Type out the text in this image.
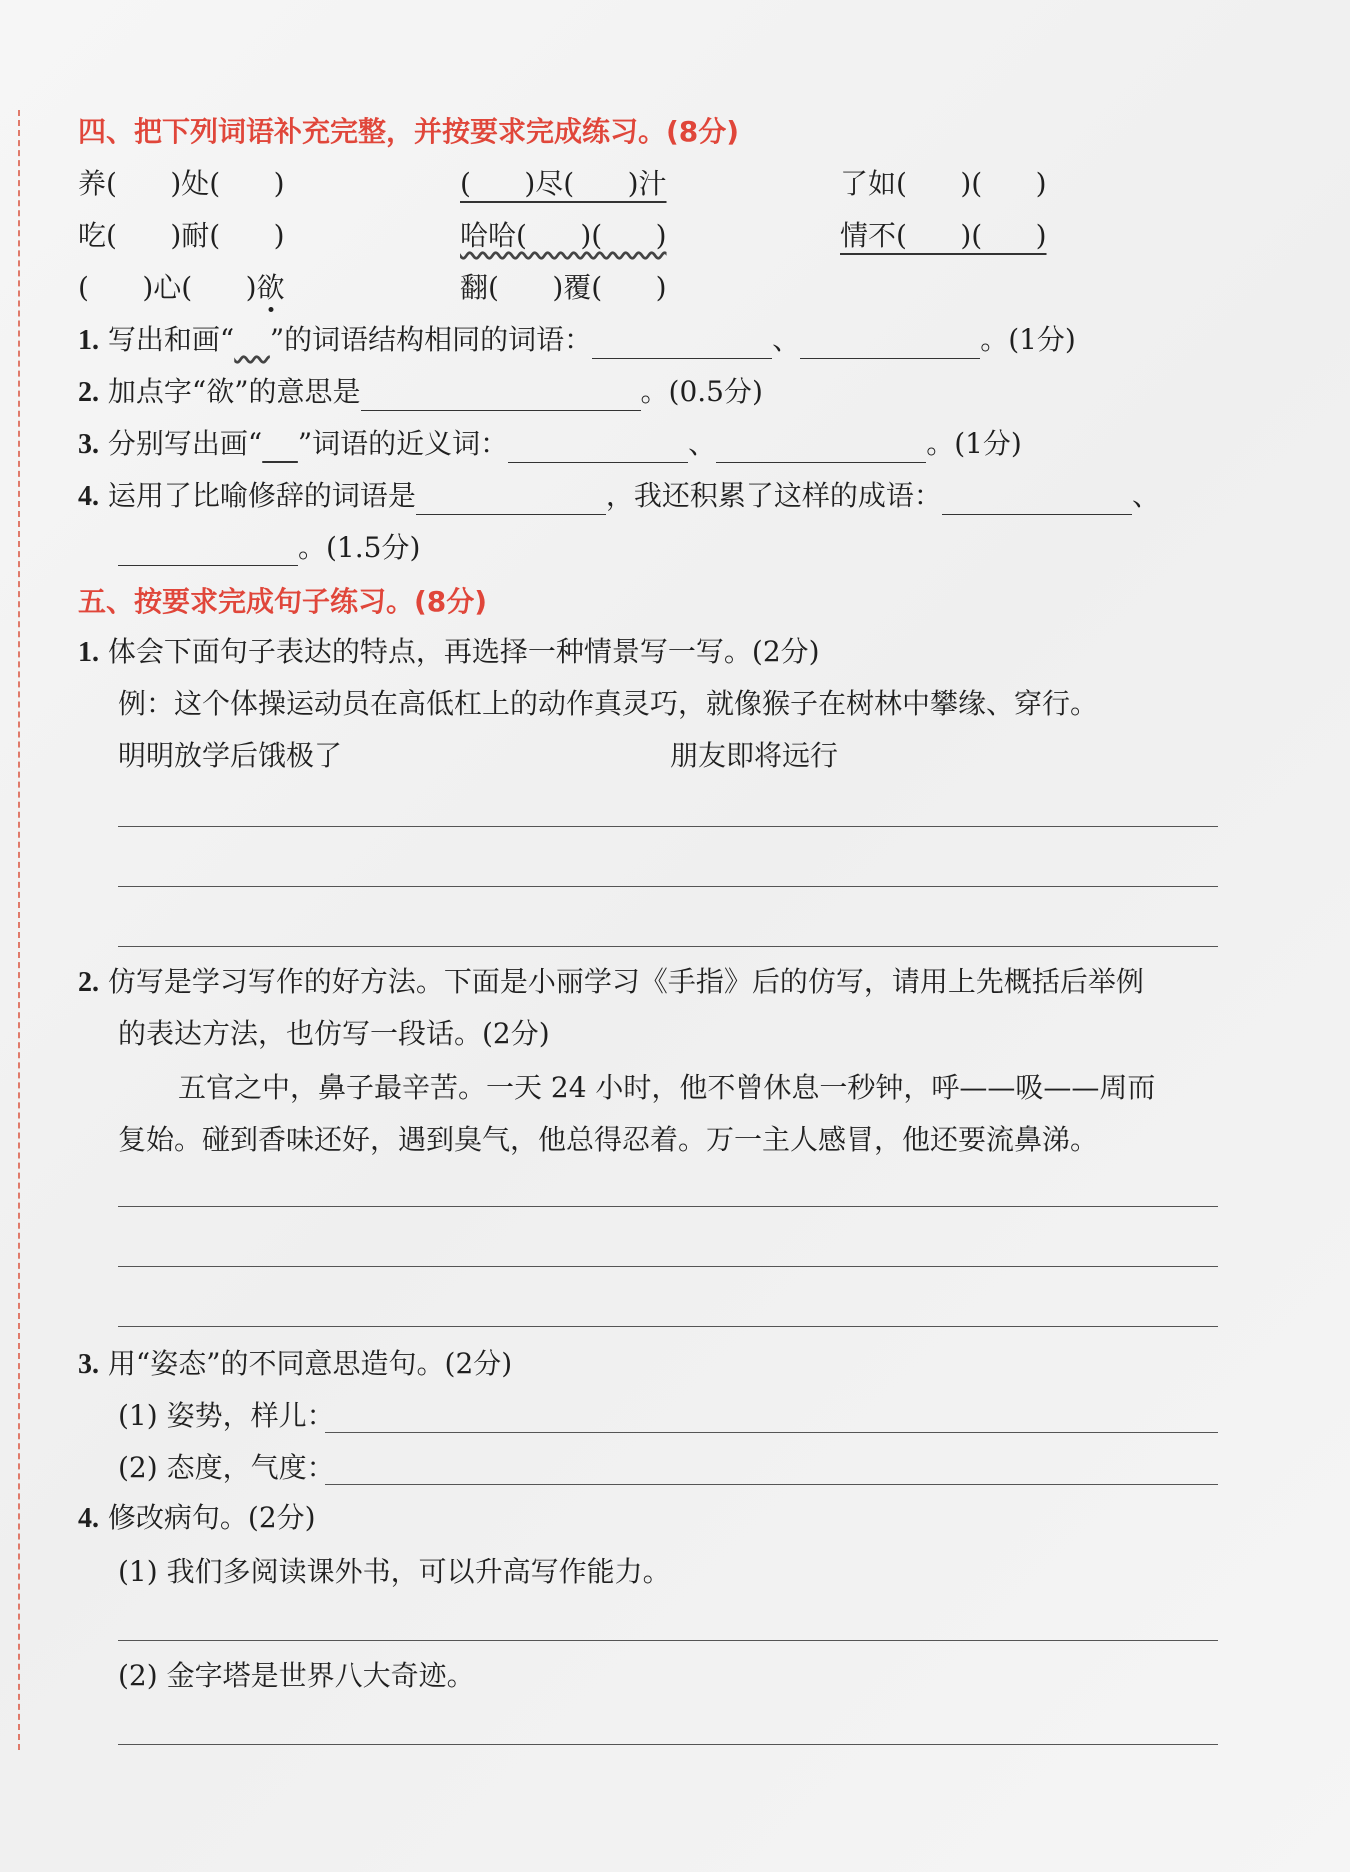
四、把下列词语补充完整，并按要求完成练习。(8分)
养(      )处(      )	(      )尽(      )汁	了如(      )(      )
吃(      )耐(      )	哈哈(      )(      )	情不(      )(      )
(      )心(      )欲	翻(      )覆(      )
1. 写出和画“ ”的词语结构相同的词语：	、	。(1分)
2. 加点字“欲”的意思是	。(0.5分)
3. 分别写出画“ ”词语的近义词：	、	。(1分)
4. 运用了比喻修辞的词语是	，我还积累了这样的成语：	、
。(1.5分)
五、按要求完成句子练习。(8分)
1. 体会下面句子表达的特点，再选择一种情景写一写。(2分)
例：这个体操运动员在高低杠上的动作真灵巧，就像猴子在树林中攀缘、穿行。
明明放学后饿极了	朋友即将远行
2. 仿写是学习写作的好方法。下面是小丽学习《手指》后的仿写，请用上先概括后举例
的表达方法，也仿写一段话。(2分)
五官之中，鼻子最辛苦。一天 24 小时，他不曾休息一秒钟，呼——吸——周而
复始。碰到香味还好，遇到臭气，他总得忍着。万一主人感冒，他还要流鼻涕。
3. 用“姿态”的不同意思造句。(2分)
(1) 姿势，样儿：
(2) 态度，气度：
4. 修改病句。(2分)
(1) 我们多阅读课外书，可以升高写作能力。
(2) 金字塔是世界八大奇迹。
